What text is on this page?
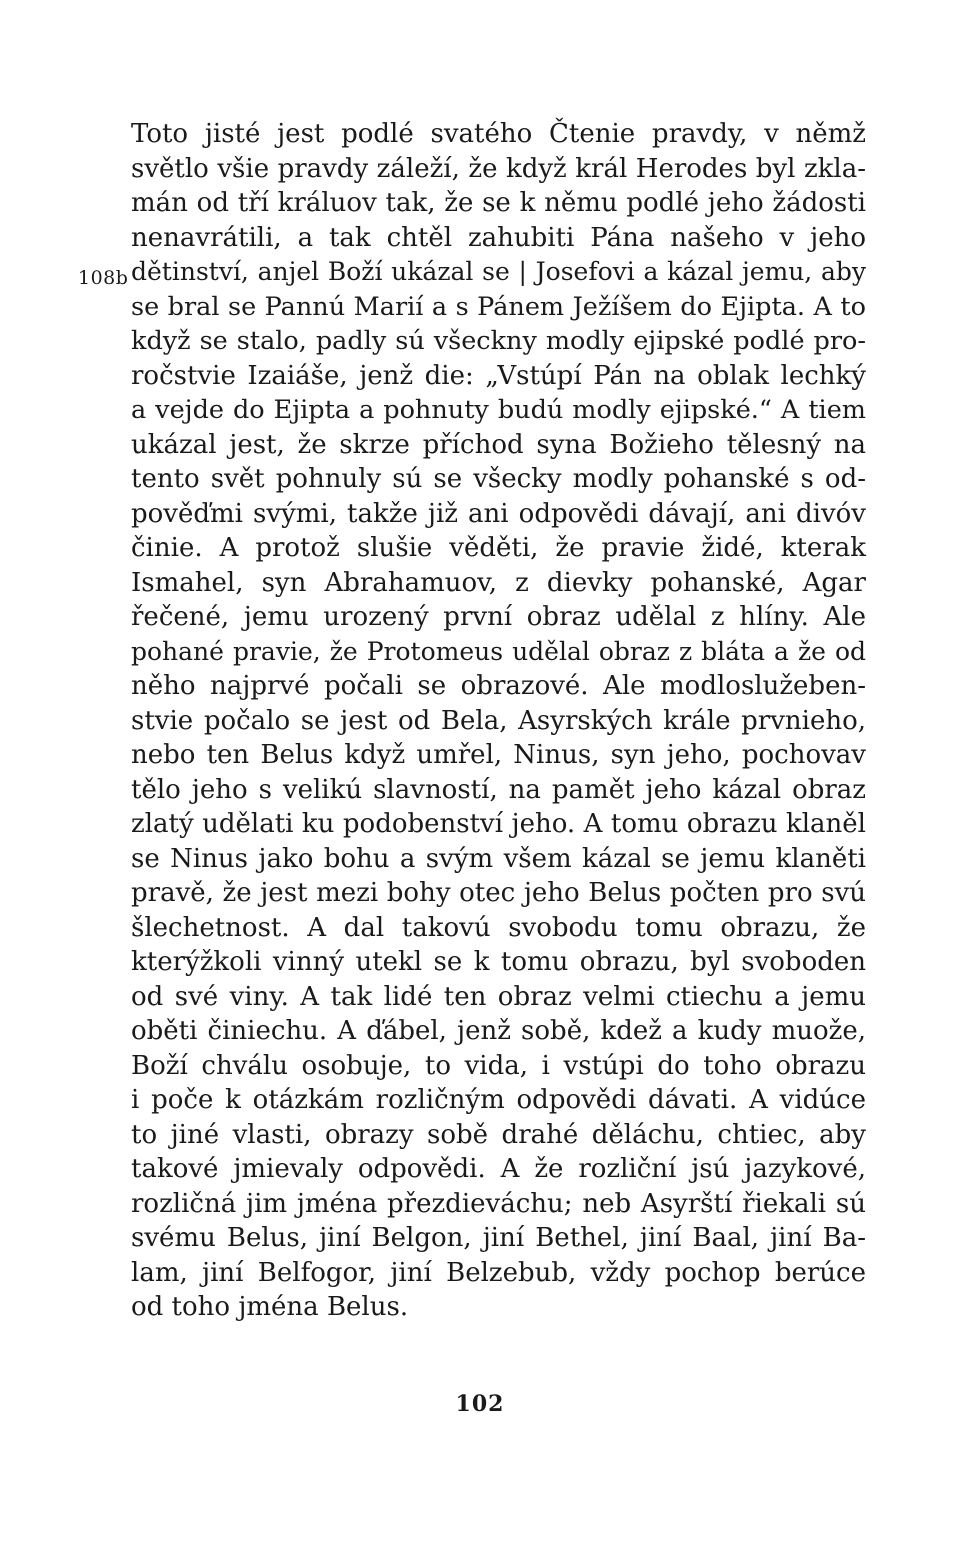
108b
Toto jisté jest podlé svatého Čtenie pravdy, v němž
světlo všie pravdy záleží, že když král Herodes byl zkla-
mán od tří králuov tak, že se k němu podlé jeho žádosti
nenavrátili, a tak chtěl zahubiti Pána našeho v jeho
dětinství, anjel Boží ukázal se | Josefovi a kázal jemu, aby
se bral se Pannú Marií a s Pánem Ježíšem do Ejipta. A to
když se stalo, padly sú všeckny modly ejipské podlé pro-
ročstvie Izaiáše, jenž die: „Vstúpí Pán na oblak lechký
a vejde do Ejipta a pohnuty budú modly ejipské.“ A tiem
ukázal jest, že skrze příchod syna Božieho tělesný na
tento svět pohnuly sú se všecky modly pohanské s od-
pověďmi svými, takže již ani odpovědi dávají, ani divóv
činie. A protož slušie věděti, že pravie židé, kterak
Ismahel, syn Abrahamuov, z dievky pohanské, Agar
řečené, jemu urozený první obraz udělal z hlíny. Ale
pohané pravie, že Protomeus udělal obraz z bláta a že od
něho najprvé počali se obrazové. Ale modloslužeben-
stvie počalo se jest od Bela, Asyrských krále prvnieho,
nebo ten Belus když umřel, Ninus, syn jeho, pochovav
tělo jeho s velikú slavností, na pamět jeho kázal obraz
zlatý udělati ku podobenství jeho. A tomu obrazu klaněl
se Ninus jako bohu a svým všem kázal se jemu klaněti
pravě, že jest mezi bohy otec jeho Belus počten pro svú
šlechetnost. A dal takovú svobodu tomu obrazu, že
kterýžkoli vinný utekl se k tomu obrazu, byl svoboden
od své viny. A tak lidé ten obraz velmi ctiechu a jemu
oběti činiechu. A ďábel, jenž sobě, kdež a kudy muože,
Boží chválu osobuje, to vida, i vstúpi do toho obrazu
i poče k otázkám rozličným odpovědi dávati. A vidúce
to jiné vlasti, obrazy sobě drahé děláchu, chtiec, aby
takové jmievaly odpovědi. A že rozliční jsú jazykové,
rozličná jim jména přezdieváchu; neb Asyrští řiekali sú
svému Belus, jiní Belgon, jiní Bethel, jiní Baal, jiní Ba-
lam, jiní Belfogor, jiní Belzebub, vždy pochop berúce
od toho jména Belus.
102
